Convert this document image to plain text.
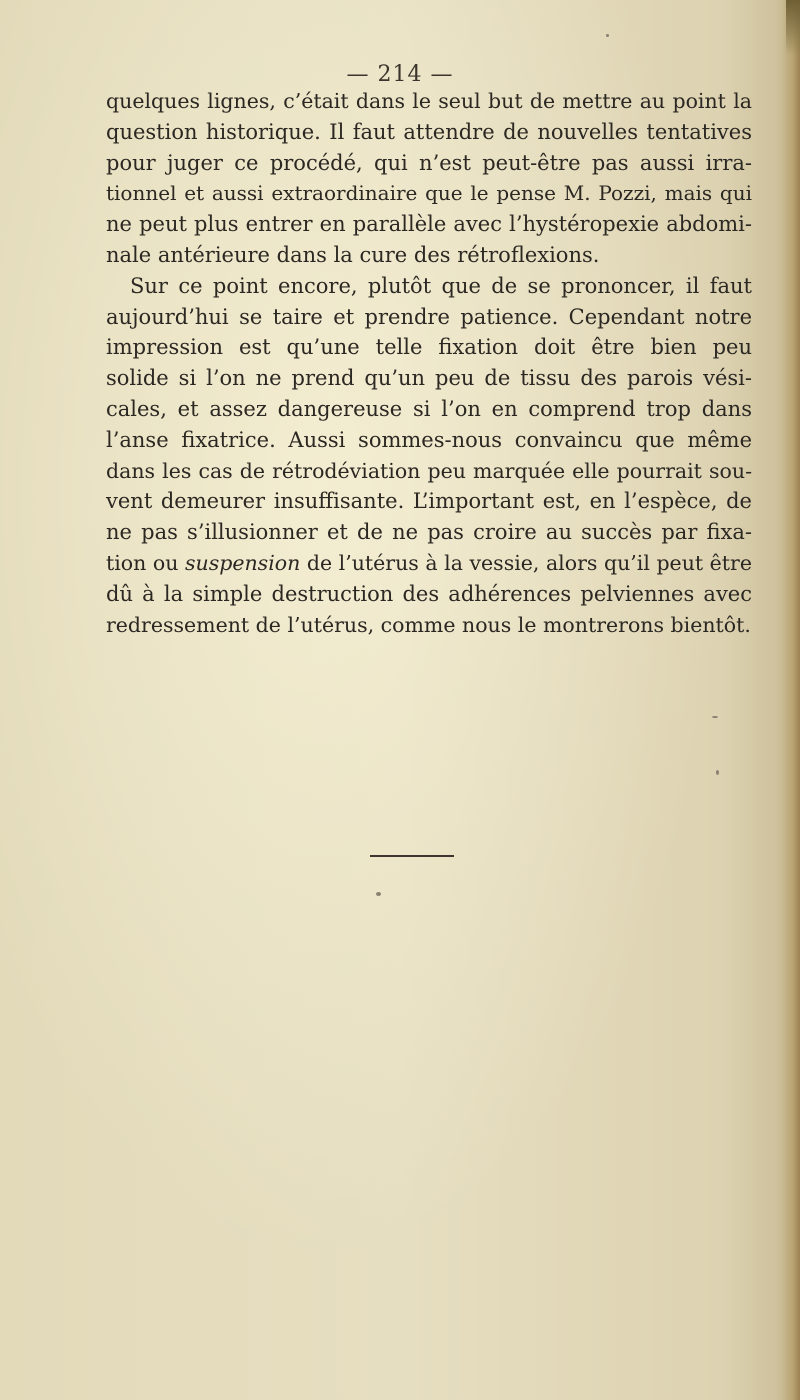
— 214 —
quelques lignes, c’était dans le seul but de mettre au point la
question historique. Il faut attendre de nouvelles tentatives
pour juger ce procédé, qui n’est peut-être pas aussi irra-
tionnel et aussi extraordinaire que le pense M. Pozzi, mais qui
ne peut plus entrer en parallèle avec l’hystéropexie abdomi-
nale antérieure dans la cure des rétroflexions.
Sur ce point encore, plutôt que de se prononcer, il faut
aujourd’hui se taire et prendre patience. Cependant notre
impression est qu’une telle fixation doit être bien peu
solide si l’on ne prend qu’un peu de tissu des parois vési-
cales, et assez dangereuse si l’on en comprend trop dans
l’anse fixatrice. Aussi sommes-nous convaincu que même
dans les cas de rétrodéviation peu marquée elle pourrait sou-
vent demeurer insuffisante. L’important est, en l’espèce, de
ne pas s’illusionner et de ne pas croire au succès par fixa-
tion ou suspension de l’utérus à la vessie, alors qu’il peut être
dû à la simple destruction des adhérences pelviennes avec
redressement de l’utérus, comme nous le montrerons bientôt.
